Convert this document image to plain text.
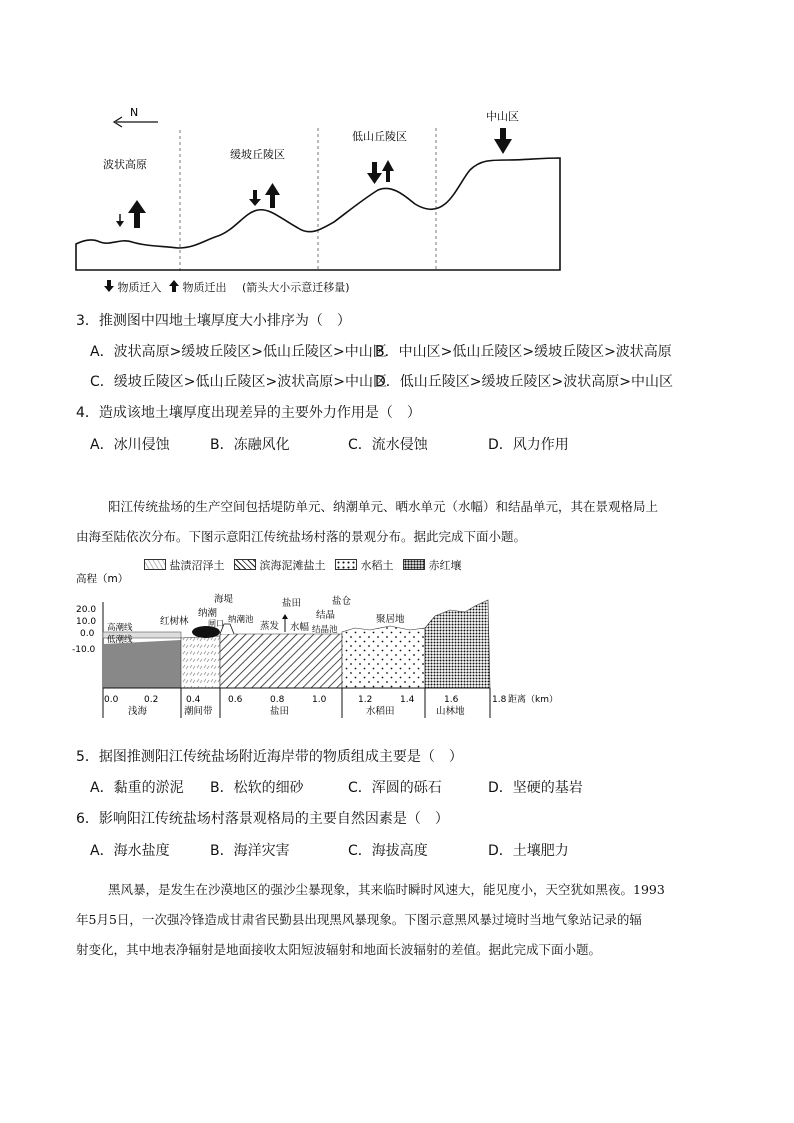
N
波状高原
缓坡丘陵区
低山丘陵区
中山区
物质迁入 物质迁出 (箭头大小示意迁移量)
3．推测图中四地土壤厚度大小排序为（　）
A．波状高原>缓坡丘陵区>低山丘陵区>中山区
B．中山区>低山丘陵区>缓坡丘陵区>波状高原
C．缓坡丘陵区>低山丘陵区>波状高原>中山区
D．低山丘陵区>缓坡丘陵区>波状高原>中山区
4．造成该地土壤厚度出现差异的主要外力作用是（　）
A．冰川侵蚀	B．冻融风化	C．流水侵蚀	D．风力作用
阳江传统盐场的生产空间包括堤防单元、纳潮单元、晒水单元（水幅）和结晶单元，其在景观格局上
由海至陆依次分布。下图示意阳江传统盐场村落的景观分布。据此完成下面小题。
盐渍沼泽土	滨海泥滩盐土	水稻土	赤红壤
高程（m）
20.0
10.0
0.0
-10.0
高潮线
低潮线
红树林
纳潮
闸口
海堤
纳潮池
蒸发
盐田
水幅
结晶
结晶池
盐仓
聚居地
0.0	0.2	0.4	0.6	0.8	1.0	1.2	1.4	1.6	1.8 距离（km）
浅海	潮间带	盐田	水稻田	山林地
5．据图推测阳江传统盐场附近海岸带的物质组成主要是（　）
A．黏重的淤泥 B．松软的细砂	C．浑圆的砾石	D．坚硬的基岩
6．影响阳江传统盐场村落景观格局的主要自然因素是（　）
A．海水盐度	B．海洋灾害	C．海拔高度	D．土壤肥力
黑风暴，是发生在沙漠地区的强沙尘暴现象，其来临时瞬时风速大，能见度小，天空犹如黑夜。1993
年5月5日，一次强冷锋造成甘肃省民勤县出现黑风暴现象。下图示意黑风暴过境时当地气象站记录的辐
射变化，其中地表净辐射是地面接收太阳短波辐射和地面长波辐射的差值。据此完成下面小题。
